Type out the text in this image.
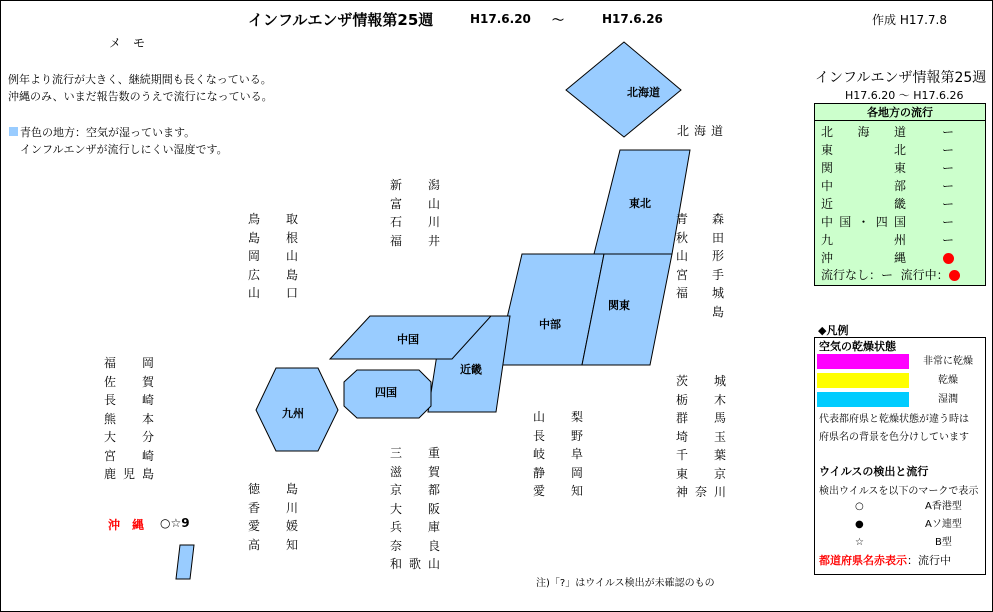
インフルエンザ情報第25週	H17.6.20 ～	H17.6.26	作成 H17.7.8
メ　モ
例年より流行が大きく、継続期間も長くなっている。
沖縄のみ、いまだ報告数のうえで流行になっている。
青色の地方：空気が湿っています。
インフルエンザが流行しにくい湿度です。
北海道
東北
関東
中部
近畿
中国
四国
九州
北海道
新潟
富山
石川
福井
鳥取
島根
岡山
広島
山口
青
秋
山
宮
福
森
田
形
手
城
島
福岡
佐賀
長崎
熊本
大分
宮崎
鹿児島
茨城
栃木
群馬
埼玉
千葉
東京
神奈川
山梨
長野
岐阜
静岡
愛知
三重
滋賀
京都
大阪
兵庫
奈良
和歌山
徳島
香川
愛媛
高知
沖　縄 ○☆9
注)「?」はウイルス検出が未確認のもの
インフルエンザ情報第25週
H17.6.20 ～ H17.6.26
各地方の流行
北海道	ー
東北	ー
関東	ー
中部	ー
近畿	ー
中国・四国	ー
九州	ー
沖縄
流行なし：ー 流行中：
◆凡例
空気の乾燥状態
非常に乾燥
乾燥
湿潤
代表都府県と乾燥状態が違う時は
府県名の背景を色分けしています
ウイルスの検出と流行
検出ウイルスを以下のマークで表示
○	A香港型
●	Aソ連型
☆	B型
都道府県名赤表示：流行中
